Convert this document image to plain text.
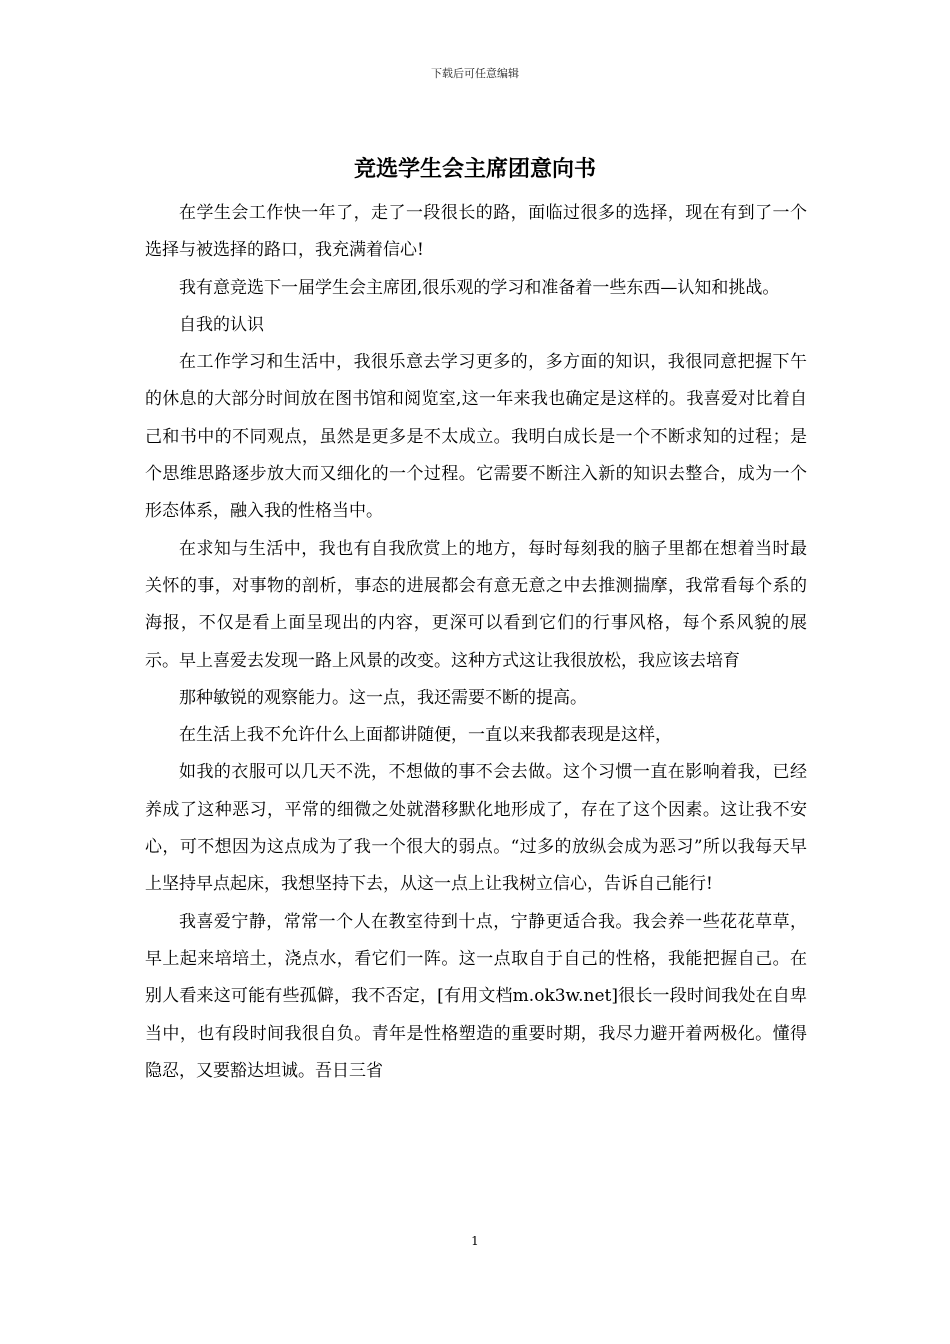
下载后可任意编辑
竞选学生会主席团意向书

在学生会工作快一年了，走了一段很长的路，面临过很多的选择，现在有到了一个选择与被选择的路口，我充满着信心!

我有意竞选下一届学生会主席团,很乐观的学习和准备着一些东西—认知和挑战。

自我的认识

在工作学习和生活中，我很乐意去学习更多的，多方面的知识，我很同意把握下午的休息的大部分时间放在图书馆和阅览室,这一年来我也确定是这样的。我喜爱对比着自己和书中的不同观点，虽然是更多是不太成立。我明白成长是一个不断求知的过程；是个思维思路逐步放大而又细化的一个过程。它需要不断注入新的知识去整合，成为一个形态体系，融入我的性格当中。

在求知与生活中，我也有自我欣赏上的地方，每时每刻我的脑子里都在想着当时最关怀的事，对事物的剖析，事态的进展都会有意无意之中去推测揣摩，我常看每个系的海报，不仅是看上面呈现出的内容，更深可以看到它们的行事风格，每个系风貌的展示。早上喜爱去发现一路上风景的改变。这种方式这让我很放松，我应该去培育

那种敏锐的观察能力。这一点，我还需要不断的提高。

在生活上我不允许什么上面都讲随便，一直以来我都表现是这样，

如我的衣服可以几天不洗，不想做的事不会去做。这个习惯一直在影响着我，已经养成了这种恶习，平常的细微之处就潜移默化地形成了，存在了这个因素。这让我不安心，可不想因为这点成为了我一个很大的弱点。“过多的放纵会成为恶习”所以我每天早上坚持早点起床，我想坚持下去，从这一点上让我树立信心，告诉自己能行!

我喜爱宁静，常常一个人在教室待到十点，宁静更适合我。我会养一些花花草草，早上起来培培土，浇点水，看它们一阵。这一点取自于自己的性格，我能把握自己。在别人看来这可能有些孤僻，我不否定，[有用文档m.ok3w.net]很长一段时间我处在自卑当中，也有段时间我很自负。青年是性格塑造的重要时期，我尽力避开着两极化。懂得隐忍，又要豁达坦诚。吾日三省

1
